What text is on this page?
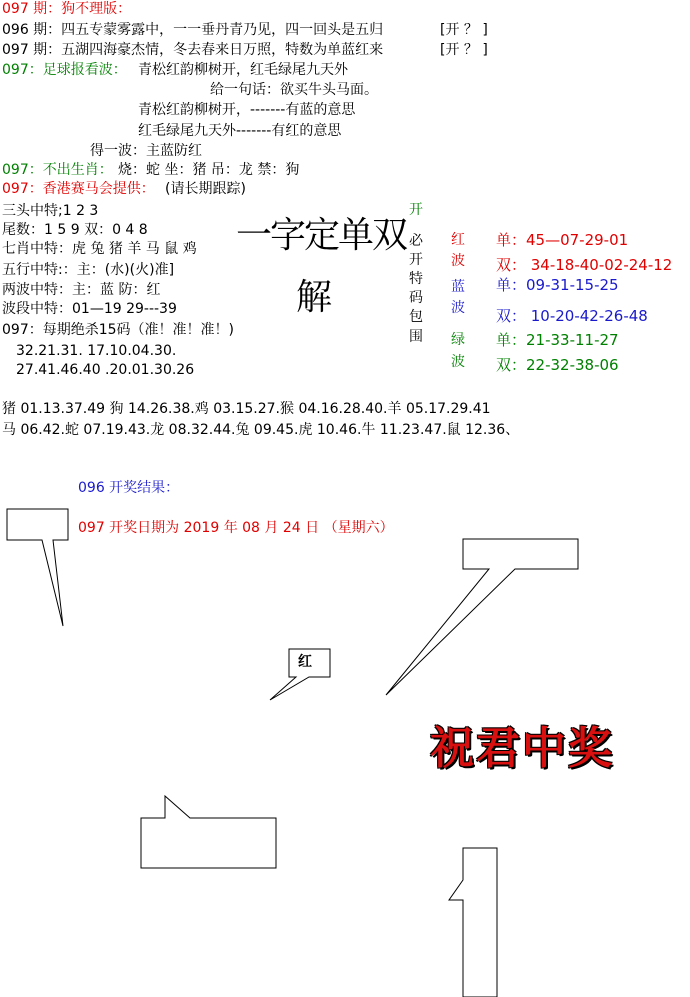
097 期：狗不理版：
096 期：四五专蒙雾露中，一一垂丹青乃见，四一回头是五归	[开 ？ ]
097 期：五湖四海豪杰情，冬去春来日万照，特数为单蓝红来	[开 ？ ]
097：足球报看波： 青松红韵柳树开，红毛绿尾九天外
给一句话：欲买牛头马面。
青松红韵柳树开，-------有蓝的意思
红毛绿尾九天外-------有红的意思
得一波：主蓝防红
097：不出生肖： 烧：蛇 坐：猪 吊：龙 禁：狗
097：香港赛马会提供： (请长期跟踪)
三头中特;1 2 3
尾数：1 5 9 双：0 4 8
七肖中特：虎 兔 猪 羊 马 鼠 鸡
五行中特:：主：(水)(火)准]
两波中特：主：蓝 防：红
波段中特：01—19 29---39
097：每期绝杀15码（准！准！准！)
32.21.31. 17.10.04.30.
27.41.46.40 .20.01.30.26
一字定单双
解
开
必
开
特
码
包
围
红
波
蓝
波
绿
波
单：45—07-29-01
双： 34-18-40-02-24-12
单：09-31-15-25
双： 10-20-42-26-48
单：21-33-11-27
双：22-32-38-06
猪 01.13.37.49 狗 14.26.38.鸡 03.15.27.猴 04.16.28.40.羊 05.17.29.41
马 06.42.蛇 07.19.43.龙 08.32.44.兔 09.45.虎 10.46.牛 11.23.47.鼠 12.36、
096 开奖结果：
097 开奖日期为 2019 年 08 月 24 日 （星期六）
红
祝君中奖
